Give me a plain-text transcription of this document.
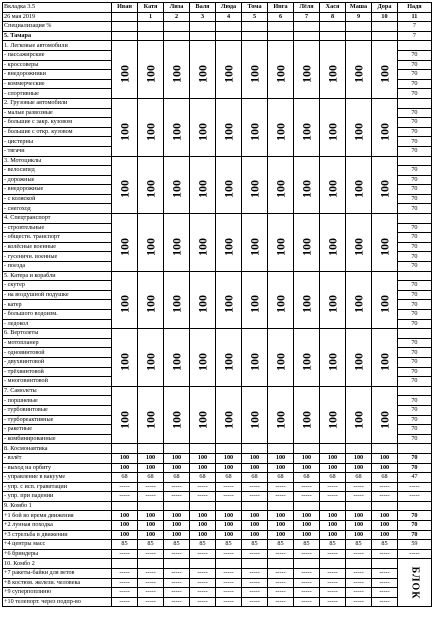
Вкладка 3.5	Иван	Катя	Лиза	Валя	Люда	Тома	Инга	Лёля	Хася	Маша	Дора	Надя
26 мая 2019		1	2	3	4	5	6	7	8	9	10	11
Специализация %												7
5. Тамара												7
1. Легковые автомобили												
- пассажирские	100	100	100	100	100	100	100	100	100	100	100	70
- кроссоверы												70
- внедорожники												70
- коммерческие												70
- спортивные												70
2. Грузовые автомобили												
- малые развозные	100	100	100	100	100	100	100	100	100	100	100	70
- большие с закр. кузовом												70
- большие с откр. кузовом												70
- цистерны												70
- тягачи												70
3. Мотоциклы												
- велосипед	100	100	100	100	100	100	100	100	100	100	100	70
- дорожные												70
- внедорожные												70
- с коляской												70
- снегоход												70
4. Спецтранспорт												
- строительные	100	100	100	100	100	100	100	100	100	100	100	70
- обществ. транспорт												70
- колёсные военные												70
- гусеничн. военные												70
- поезда												70
5. Катера и корабли												
- скутер	100	100	100	100	100	100	100	100	100	100	100	70
- на воздушной подушке												70
- катер												70
- большого водоизм.												70
- ледокол												70
6. Вертолеты												
- мотопланер	100	100	100	100	100	100	100	100	100	100	100	70
- одновинтовой												70
- двухвинтовой												70
- трёхвинтовой												70
- многовинтовой												70
7. Самолеты												
- поршневые	100	100	100	100	100	100	100	100	100	100	100	70
- турбовинтовые												70
- турбореактивные												70
- ракетные												70
- комбинированные												70
8. Космонавтика												
- взлёт	100	100	100	100	100	100	100	100	100	100	100	70
- выход на орбиту	100	100	100	100	100	100	100	100	100	100	100	70
- управление в вакууме	68	68	68	68	68	68	68	68	68	68	68	47
- упр. с исп. гравитации	-----	-----	-----	-----	-----	-----	-----	-----	-----	-----	-----	-----
- упр. при падении	-----	-----	-----	-----	-----	-----	-----	-----	-----	-----	-----	-----
9. Комбо 1												
+1 бой во время движения	100	100	100	100	100	100	100	100	100	100	100	70
+2 лунная походка	100	100	100	100	100	100	100	100	100	100	100	70
+3 стрельба в движении	100	100	100	100	100	100	100	100	100	100	100	70
+4 центры масс	85	85	85	85	85	85	85	85	85	85	85	59
+6 бриндеры	-----	-----	-----	-----	-----	-----	-----	-----	-----	-----	-----	-----
10. Комбо 2												БЛОК

+7 ракеты-байки для ветов	-----	-----	-----	-----	-----	-----	-----	-----	-----	-----	-----	
+8 костюм. желези. человека	-----	-----	-----	-----	-----	-----	-----	-----	-----	-----	-----	
+9 суперпоплиню	-----	-----	-----	-----	-----	-----	-----	-----	-----	-----	-----	
+10 телепорт. через подпр-во	-----	-----	-----	-----	-----	-----	-----	-----	-----	-----	-----	
